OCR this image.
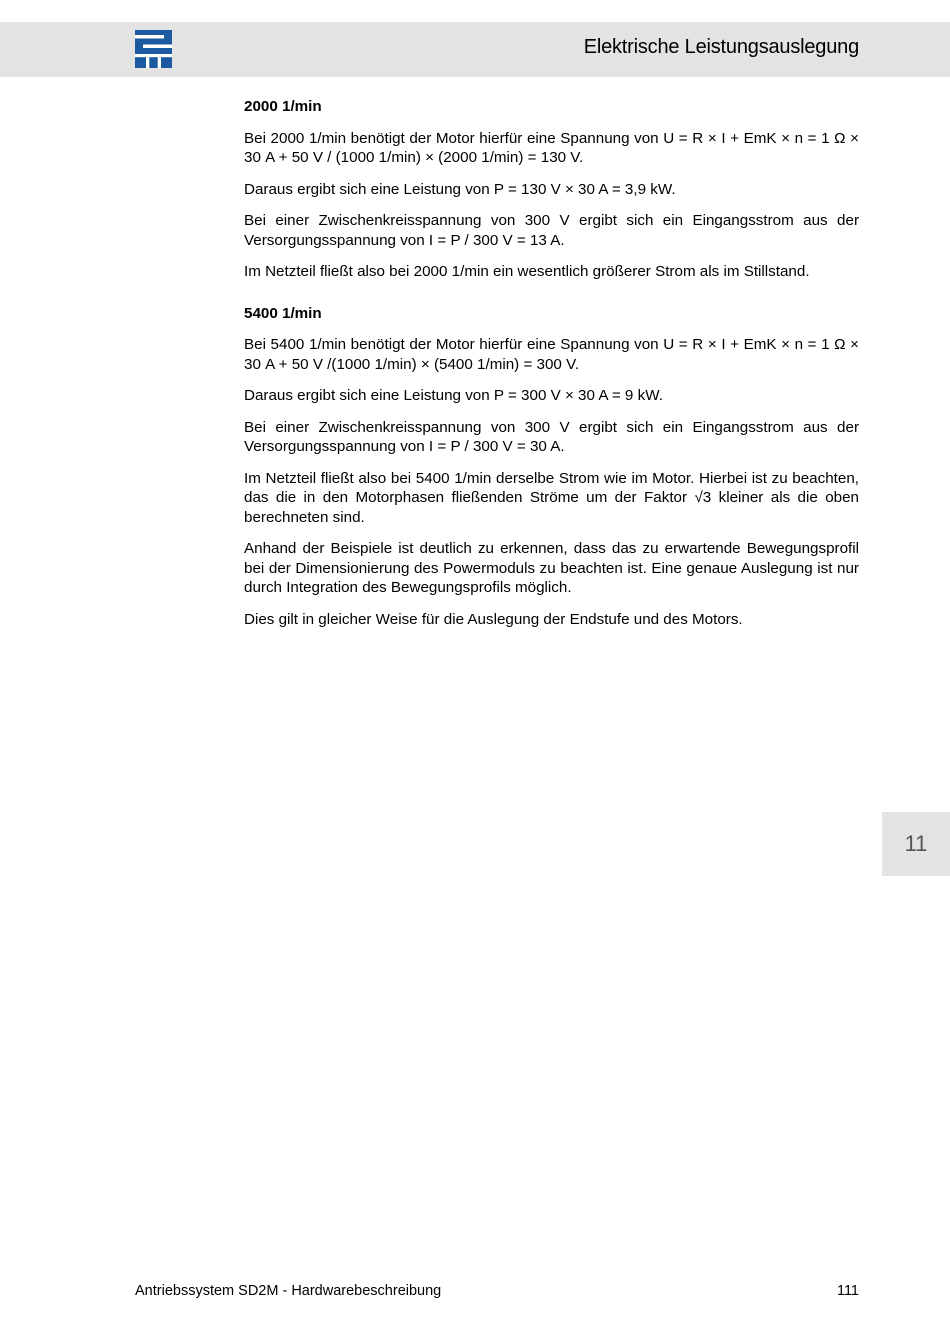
Elektrische Leistungsauslegung
2000 1/min

Bei 2000 1/min benötigt der Motor hierfür eine Spannung von U = R × I + EmK × n = 1 Ω × 30 A + 50 V / (1000 1/min) × (2000 1/min) = 130 V.

Daraus ergibt sich eine Leistung von P = 130 V × 30 A = 3,9 kW.

Bei einer Zwischenkreisspannung von 300 V ergibt sich ein Eingangsstrom aus der Versorgungsspannung von I = P / 300 V = 13 A.

Im Netzteil fließt also bei 2000 1/min ein wesentlich größerer Strom als im Stillstand.

5400 1/min

Bei 5400 1/min benötigt der Motor hierfür eine Spannung von U = R × I + EmK × n = 1 Ω × 30 A + 50 V /(1000 1/min) × (5400 1/min) = 300 V.

Daraus ergibt sich eine Leistung von P = 300 V × 30 A = 9 kW.

Bei einer Zwischenkreisspannung von 300 V ergibt sich ein Eingangsstrom aus der Versorgungsspannung von I = P / 300 V = 30 A.

Im Netzteil fließt also bei 5400 1/min derselbe Strom wie im Motor. Hierbei ist zu beachten, das die in den Motorphasen fließenden Ströme um der Faktor √3 kleiner als die oben berechneten sind.

Anhand der Beispiele ist deutlich zu erkennen, dass das zu erwartende Bewegungsprofil bei der Dimensionierung des Powermoduls zu beachten ist. Eine genaue Auslegung ist nur durch Integration des Bewegungsprofils möglich.

Dies gilt in gleicher Weise für die Auslegung der Endstufe und des Motors.

11
Antriebssystem SD2M - Hardwarebeschreibung	111
